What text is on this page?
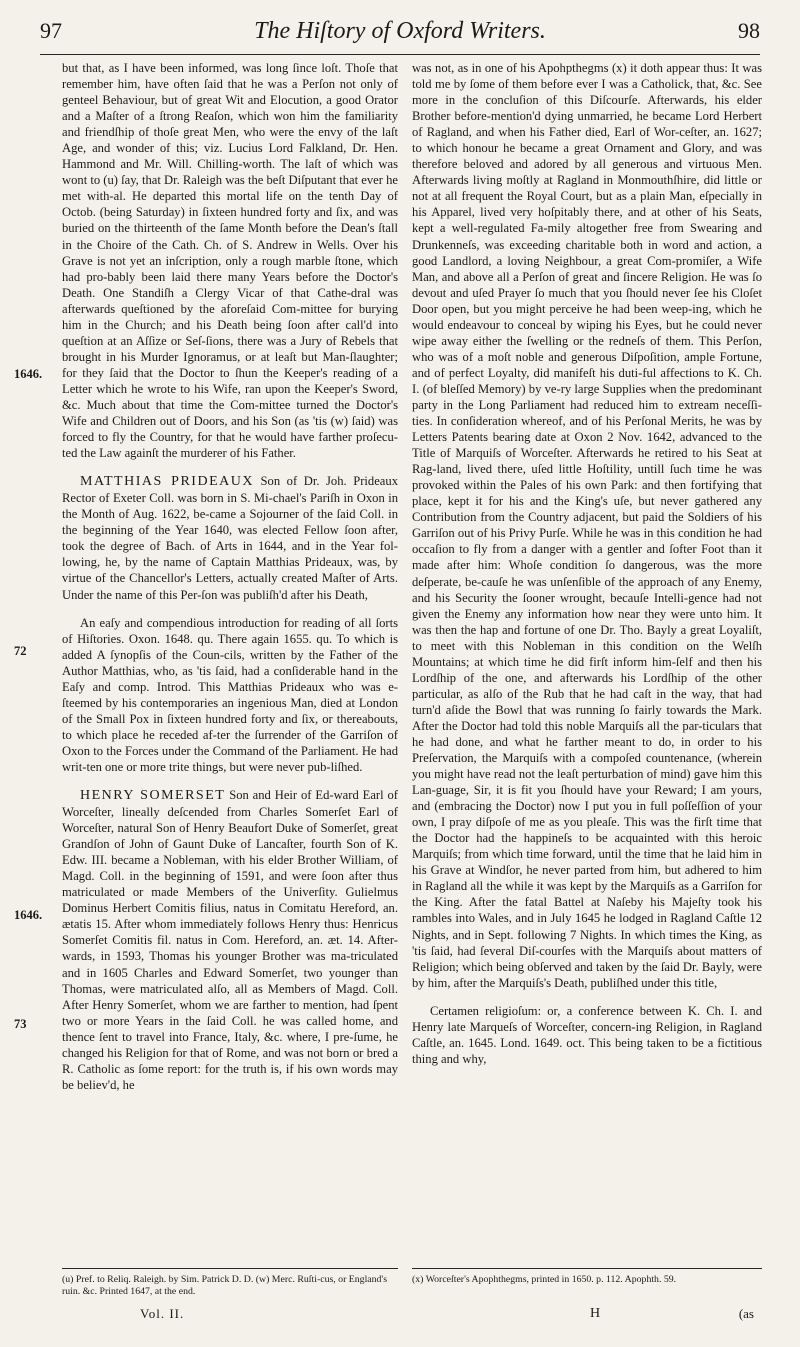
97	The Hiſtory of Oxford Writers.	98
1646.
72
1646.
73

but that, as I have been informed, was long ſince loſt. Thoſe that remember him, have often ſaid that he was a Perſon not only of genteel Behaviour, but of great Wit and Elocution, a good Orator and a Maſter of a ſtrong Reaſon, which won him the familiarity and friendſhip of thoſe great Men, who were the envy of the laſt Age, and wonder of this; viz. Lucius Lord Falkland, Dr. Hen. Hammond and Mr. Will. Chilling-worth. The laſt of which was wont to (u) ſay, that Dr. Raleigh was the beſt Diſputant that ever he met with-al. He departed this mortal life on the tenth Day of Octob. (being Saturday) in ſixteen hundred forty and ſix, and was buried on the thirteenth of the ſame Month before the Dean's ſtall in the Choire of the Cath. Ch. of S. Andrew in Wells. Over his Grave is not yet an inſcription, only a rough marble ſtone, which had pro-bably been laid there many Years before the Doctor's Death. One Standiſh a Clergy Vicar of that Cathe-dral was afterwards queſtioned by the aforeſaid Com-mittee for burying him in the Church; and his Death being ſoon after call'd into queſtion at an Aſſize or Seſ-ſions, there was a Jury of Rebels that brought in his Murder Ignoramus, or at leaſt but Man-ſlaughter; for they ſaid that the Doctor to ſhun the Keeper's reading of a Letter which he wrote to his Wife, ran upon the Keeper's Sword, &c. Much about that time the Com-mittee turned the Doctor's Wife and Children out of Doors, and his Son (as 'tis (w) ſaid) was forced to fly the Country, for that he would have farther proſecu-ted the Law againſt the murderer of his Father.

MATTHIAS PRIDEAUX Son of Dr. Joh. Prideaux Rector of Exeter Coll. was born in S. Mi-chael's Pariſh in Oxon in the Month of Aug. 1622, be-came a Sojourner of the ſaid Coll. in the beginning of the Year 1640, was elected Fellow ſoon after, took the degree of Bach. of Arts in 1644, and in the Year fol-lowing, he, by the name of Captain Matthias Prideaux, was, by virtue of the Chancellor's Letters, actually created Maſter of Arts. Under the name of this Per-ſon was publiſh'd after his Death,

An eaſy and compendious introduction for reading of all ſorts of Hiſtories. Oxon. 1648. qu. There again 1655. qu. To which is added A ſynopſis of the Coun-cils, written by the Father of the Author Matthias, who, as 'tis ſaid, had a conſiderable hand in the Eaſy and comp. Introd. This Matthias Prideaux who was e-ſteemed by his contemporaries an ingenious Man, died at London of the Small Pox in ſixteen hundred forty and ſix, or thereabouts, to which place he receded af-ter the ſurrender of the Garriſon of Oxon to the Forces under the Command of the Parliament. He had writ-ten one or more trite things, but were never pub-liſhed.

HENRY SOMERSET Son and Heir of Ed-ward Earl of Worceſter, lineally deſcended from Charles Somerſet Earl of Worceſter, natural Son of Henry Beaufort Duke of Somerſet, great Grandſon of John of Gaunt Duke of Lancaſter, fourth Son of K. Edw. III. became a Nobleman, with his elder Brother William, of Magd. Coll. in the beginning of 1591, and were ſoon after thus matriculated or made Members of the Univerſity. Gulielmus Dominus Herbert Comitis filius, natus in Comitatu Hereford, an. ætatis 15. After whom immediately follows Henry thus: Henricus Somerſet Comitis fil. natus in Com. Hereford, an. æt. 14. After-wards, in 1593, Thomas his younger Brother was ma-triculated and in 1605 Charles and Edward Somerſet, two younger than Thomas, were matriculated alſo, all as Members of Magd. Coll. After Henry Somerſet, whom we are farther to mention, had ſpent two or more Years in the ſaid Coll. he was called home, and thence ſent to travel into France, Italy, &c. where, I pre-ſume, he changed his Religion for that of Rome, and was not born or bred a R. Catholic as ſome report: for the truth is, if his own words may be believ'd, he

was not, as in one of his Apohpthegms (x) it doth appear thus: It was told me by ſome of them before ever I was a Catholick, that, &c. See more in the concluſion of this Diſcourſe. Afterwards, his elder Brother before-mention'd dying unmarried, he became Lord Herbert of Ragland, and when his Father died, Earl of Wor-ceſter, an. 1627; to which honour he became a great Ornament and Glory, and was therefore beloved and adored by all generous and virtuous Men. Afterwards living moſtly at Ragland in Monmouthſhire, did little or not at all frequent the Royal Court, but as a plain Man, eſpecially in his Apparel, lived very hoſpitably there, and at other of his Seats, kept a well-regulated Fa-mily altogether free from Swearing and Drunkenneſs, was exceeding charitable both in word and action, a good Landlord, a loving Neighbour, a great Com-promiſer, a Wife Man, and above all a Perſon of great and ſincere Religion. He was ſo devout and uſed Prayer ſo much that you ſhould never ſee his Cloſet Door open, but you might perceive he had been weep-ing, which he would endeavour to conceal by wiping his Eyes, but he could never wipe away either the ſwelling or the redneſs of them. This Perſon, who was of a moſt noble and generous Diſpoſition, ample Fortune, and of perfect Loyalty, did manifeſt his duti-ful affections to K. Ch. I. (of bleſſed Memory) by ve-ry large Supplies when the predominant party in the Long Parliament had reduced him to extream neceſſi-ties. In conſideration whereof, and of his Perſonal Merits, he was by Letters Patents bearing date at Oxon 2 Nov. 1642, advanced to the Title of Marquiſs of Worceſter. Afterwards he retired to his Seat at Rag-land, lived there, uſed little Hoſtility, untill ſuch time he was provoked within the Pales of his own Park: and then fortifying that place, kept it for his and the King's uſe, but never gathered any Contribution from the Country adjacent, but paid the Soldiers of his Garriſon out of his Privy Purſe. While he was in this condition he had occaſion to fly from a danger with a gentler and ſofter Foot than it made after him: Whoſe condition ſo dangerous, was the more deſperate, be-cauſe he was unſenſible of the approach of any Enemy, and his Security the ſooner wrought, becauſe Intelli-gence had not given the Enemy any information how near they were unto him. It was then the hap and fortune of one Dr. Tho. Bayly a great Loyaliſt, to meet with this Nobleman in this condition on the Welſh Mountains; at which time he did firſt inform him-ſelf and then his Lordſhip of the one, and afterwards his Lordſhip of the other particular, as alſo of the Rub that he had caſt in the way, that had turn'd aſide the Bowl that was running ſo fairly towards the Mark. After the Doctor had told this noble Marquiſs all the par-ticulars that he had done, and what he farther meant to do, in order to his Preſervation, the Marquiſs with a compoſed countenance, (wherein you might have read not the leaſt perturbation of mind) gave him this Lan-guage, Sir, it is fit you ſhould have your Reward; I am yours, and (embracing the Doctor) now I put you in full poſſeſſion of your own, I pray diſpoſe of me as you pleaſe. This was the firſt time that the Doctor had the happineſs to be acquainted with this heroic Marquiſs; from which time forward, until the time that he laid him in his Grave at Windſor, he never parted from him, but adhered to him in Ragland all the while it was kept by the Marquiſs as a Garriſon for the King. After the fatal Battel at Naſeby his Majeſty took his rambles into Wales, and in July 1645 he lodged in Ragland Caſtle 12 Nights, and in Sept. following 7 Nights. In which times the King, as 'tis ſaid, had ſeveral Diſ-courſes with the Marquiſs about matters of Religion; which being obſerved and taken by the ſaid Dr. Bayly, were by him, after the Marquiſs's Death, publiſhed under this title,

Certamen religioſum: or, a conference between K. Ch. I. and Henry late Marqueſs of Worceſter, concern-ing Religion, in Ragland Caſtle, an. 1645. Lond. 1649. oct. This being taken to be a fictitious thing and why,

(u) Pref. to Reliq. Raleigh. by Sim. Patrick D. D. (w) Merc. Ruſti-cus, or England's ruin. &c. Printed 1647, at the end.
(x) Worceſter's Apophthegms, printed in 1650. p. 112. Apophth. 59.
Vol. II.	H	(as
